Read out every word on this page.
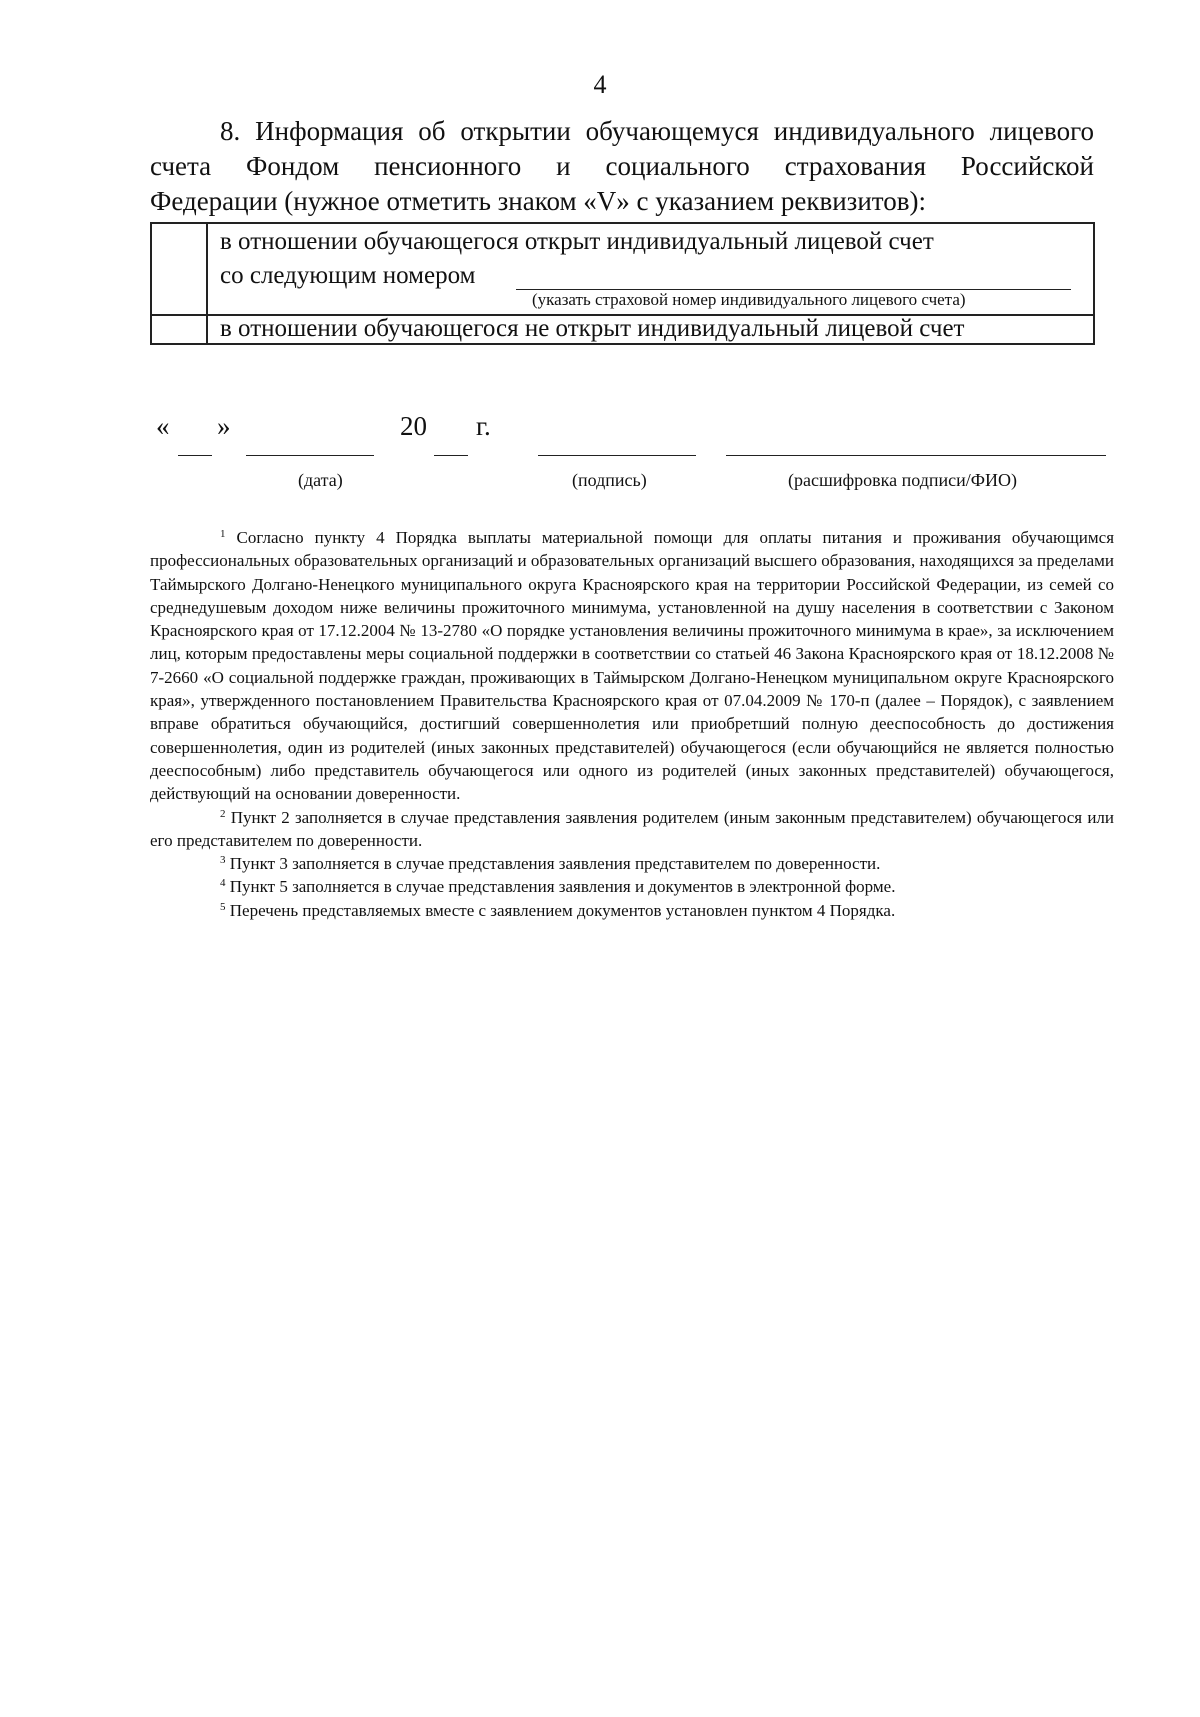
4
8. Информация об открытии обучающемуся индивидуального лицевого
счета Фондом пенсионного и социального страхования Российской
Федерации (нужное отметить знаком «V» с указанием реквизитов):
в отношении обучающегося открыт индивидуальный лицевой счет
со следующим номером
(указать страховой номер индивидуального лицевого счета)
в отношении обучающегося не открыт индивидуальный лицевой счет
« »	20 г.
(дата)	(подпись)	(расшифровка подписи/ФИО)

$^1$ Согласно пункту 4 Порядка выплаты материальной помощи для оплаты питания и проживания обучающимся профессиональных образовательных организаций и образовательных организаций высшего образования, находящихся за пределами Таймырского Долгано-Ненецкого муниципального округа Красноярского края на территории Российской Федерации, из семей со среднедушевым доходом ниже величины прожиточного минимума, установленной на душу населения в соответствии с Законом Красноярского края от 17.12.2004 № 13-2780 «О порядке установления величины прожиточного минимума в крае», за исключением лиц, которым предоставлены меры социальной поддержки в соответствии со статьей 46 Закона Красноярского края от 18.12.2008 № 7-2660 «О социальной поддержке граждан, проживающих в Таймырском Долгано-Ненецком муниципальном округе Красноярского края», утвержденного постановлением Правительства Красноярского края от 07.04.2009 № 170-п (далее – Порядок), с заявлением вправе обратиться обучающийся, достигший совершеннолетия или приобретший полную дееспособность до достижения совершеннолетия, один из родителей (иных законных представителей) обучающегося (если обучающийся не является полностью дееспособным) либо представитель обучающегося или одного из родителей (иных законных представителей) обучающегося, действующий на основании доверенности.

$^2$ Пункт 2 заполняется в случае представления заявления родителем (иным законным представителем) обучающегося или его представителем по доверенности.

$^3$ Пункт 3 заполняется в случае представления заявления представителем по доверенности.

$^4$ Пункт 5 заполняется в случае представления заявления и документов в электронной форме.

$^5$ Перечень представляемых вместе с заявлением документов установлен пунктом 4 Порядка.
